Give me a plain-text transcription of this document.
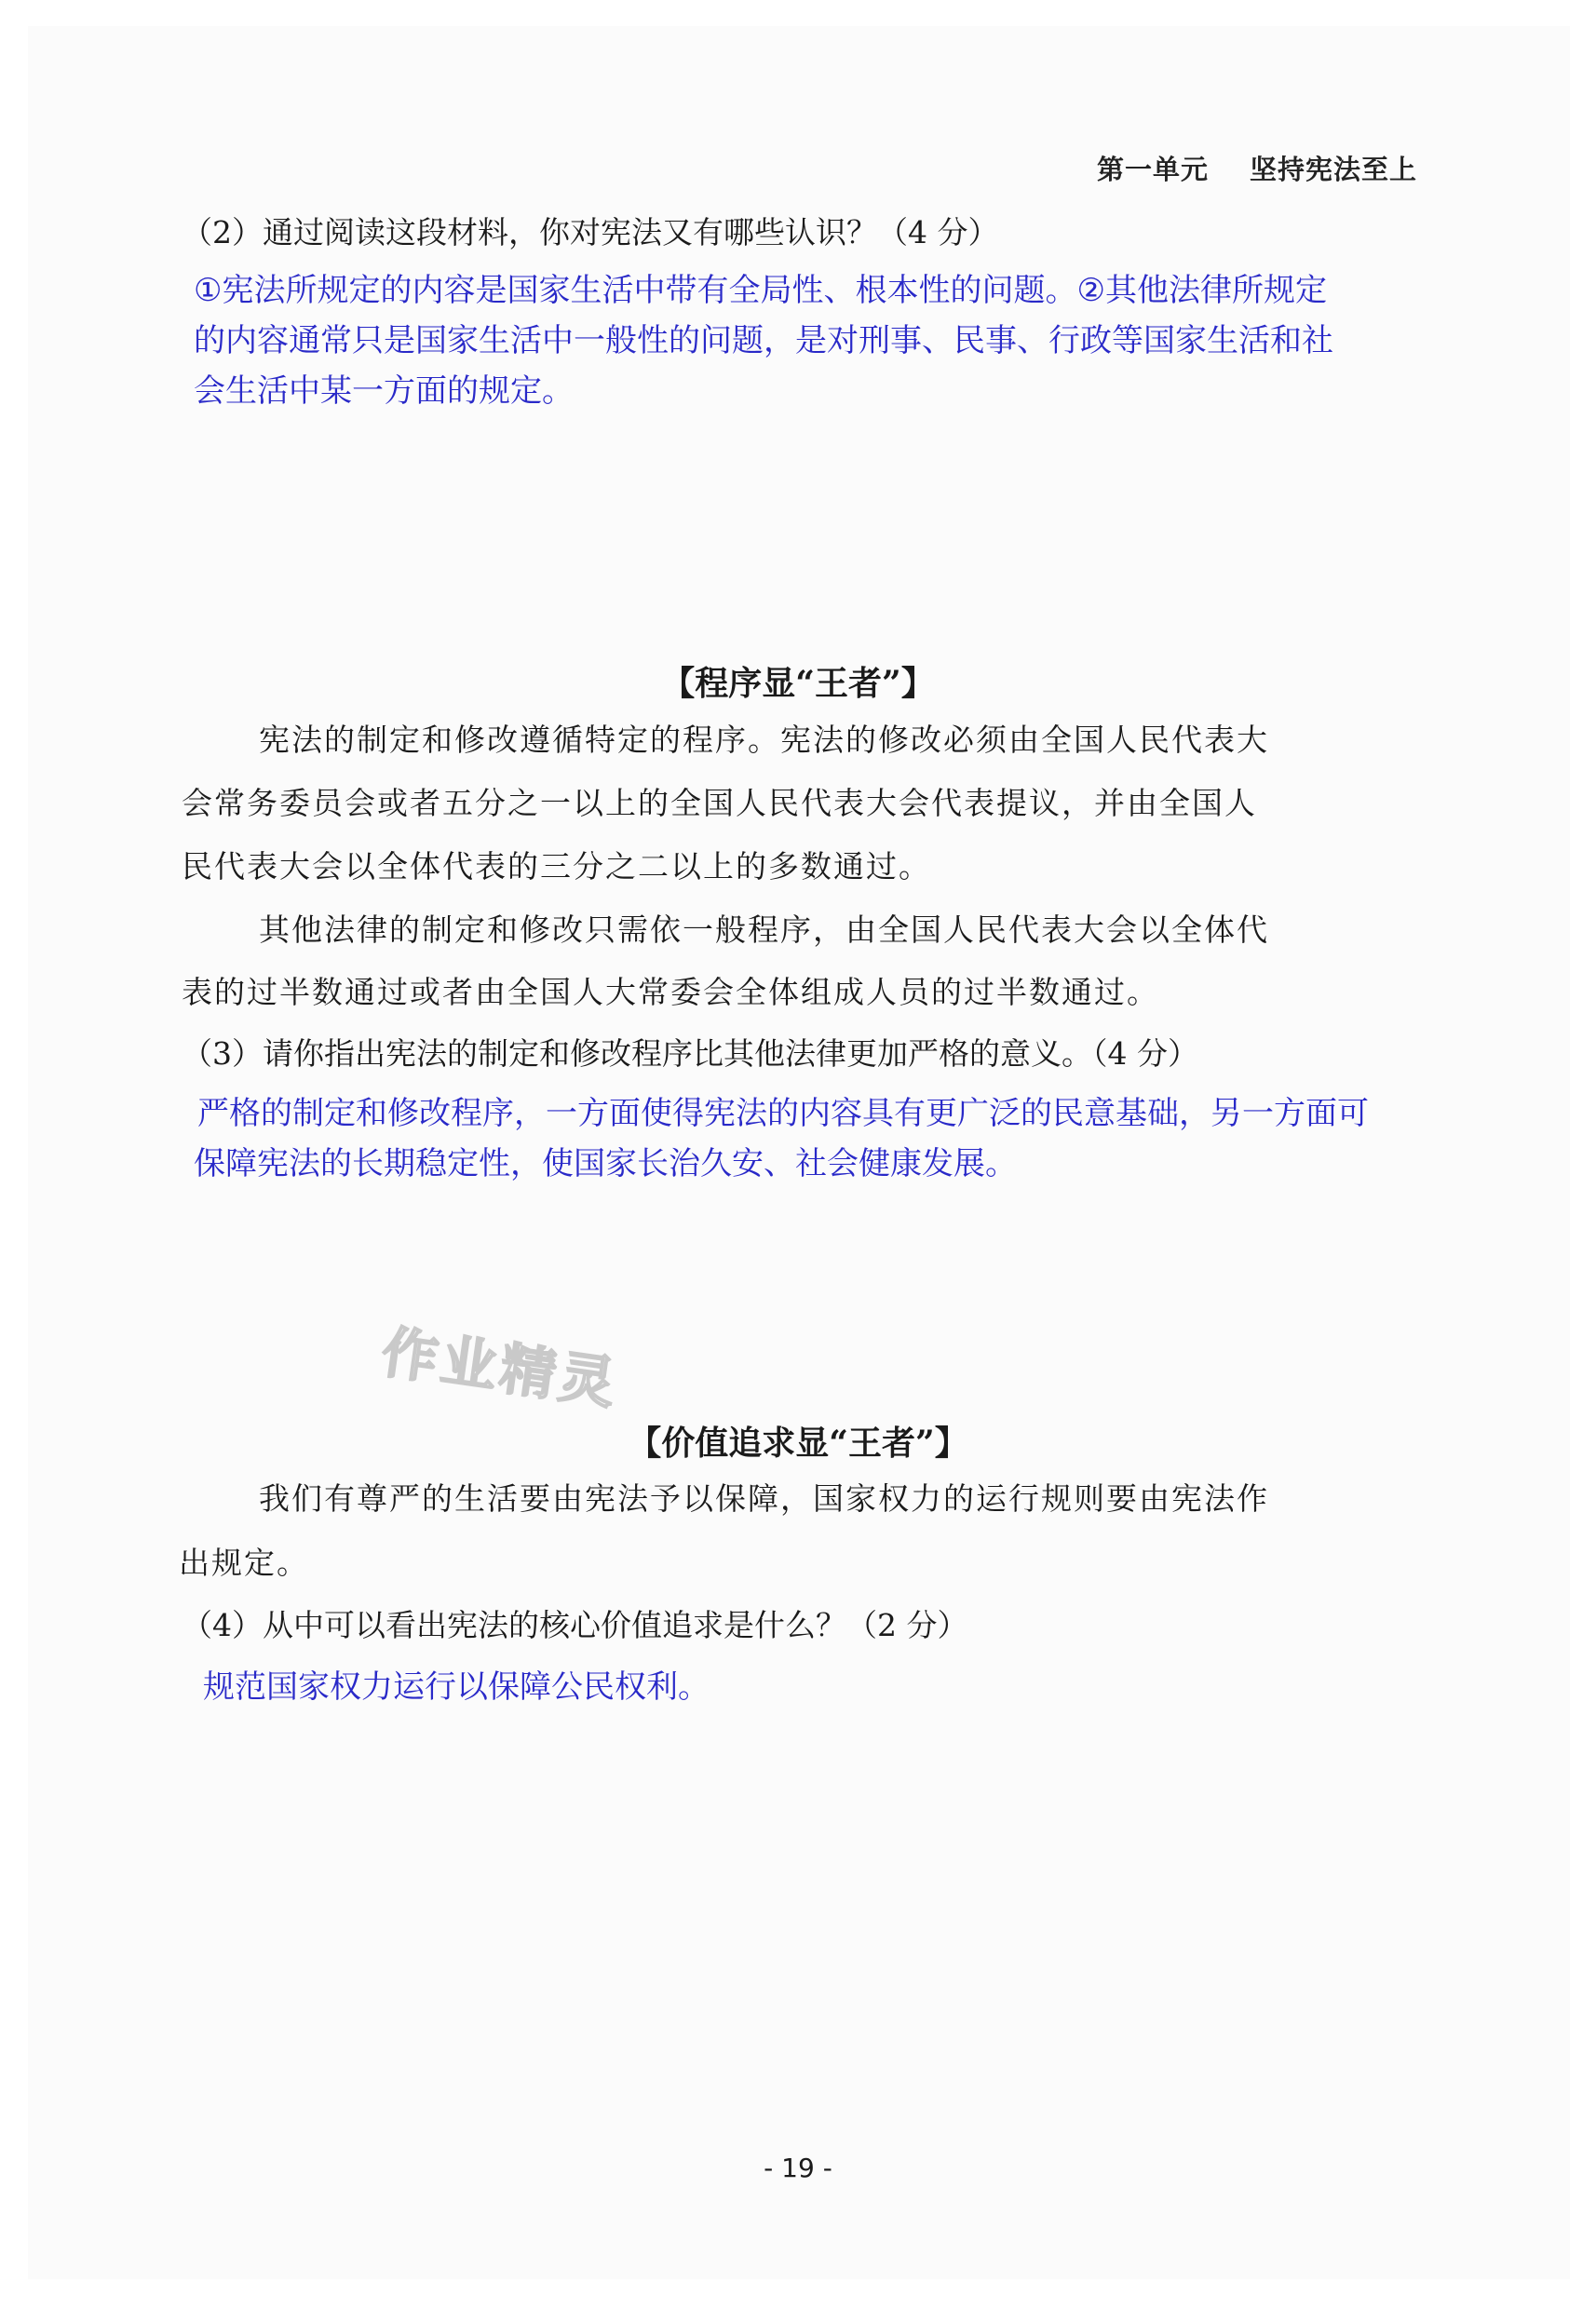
第一单元 坚持宪法至上
（2）通过阅读这段材料，你对宪法又有哪些认识？（4 分）
①宪法所规定的内容是国家生活中带有全局性、根本性的问题。②其他法律所规定
的内容通常只是国家生活中一般性的问题，是对刑事、民事、行政等国家生活和社
会生活中某一方面的规定。
【程序显“王者”】
宪法的制定和修改遵循特定的程序。宪法的修改必须由全国人民代表大
会常务委员会或者五分之一以上的全国人民代表大会代表提议，并由全国人
民代表大会以全体代表的三分之二以上的多数通过。
其他法律的制定和修改只需依一般程序，由全国人民代表大会以全体代
表的过半数通过或者由全国人大常委会全体组成人员的过半数通过。
（3）请你指出宪法的制定和修改程序比其他法律更加严格的意义。（4 分）
严格的制定和修改程序，一方面使得宪法的内容具有更广泛的民意基础，另一方面可
保障宪法的长期稳定性，使国家长治久安、社会健康发展。
作业精灵
【价值追求显“王者”】
我们有尊严的生活要由宪法予以保障，国家权力的运行规则要由宪法作
出规定。
（4）从中可以看出宪法的核心价值追求是什么？（2 分）
规范国家权力运行以保障公民权利。
- 19 -
